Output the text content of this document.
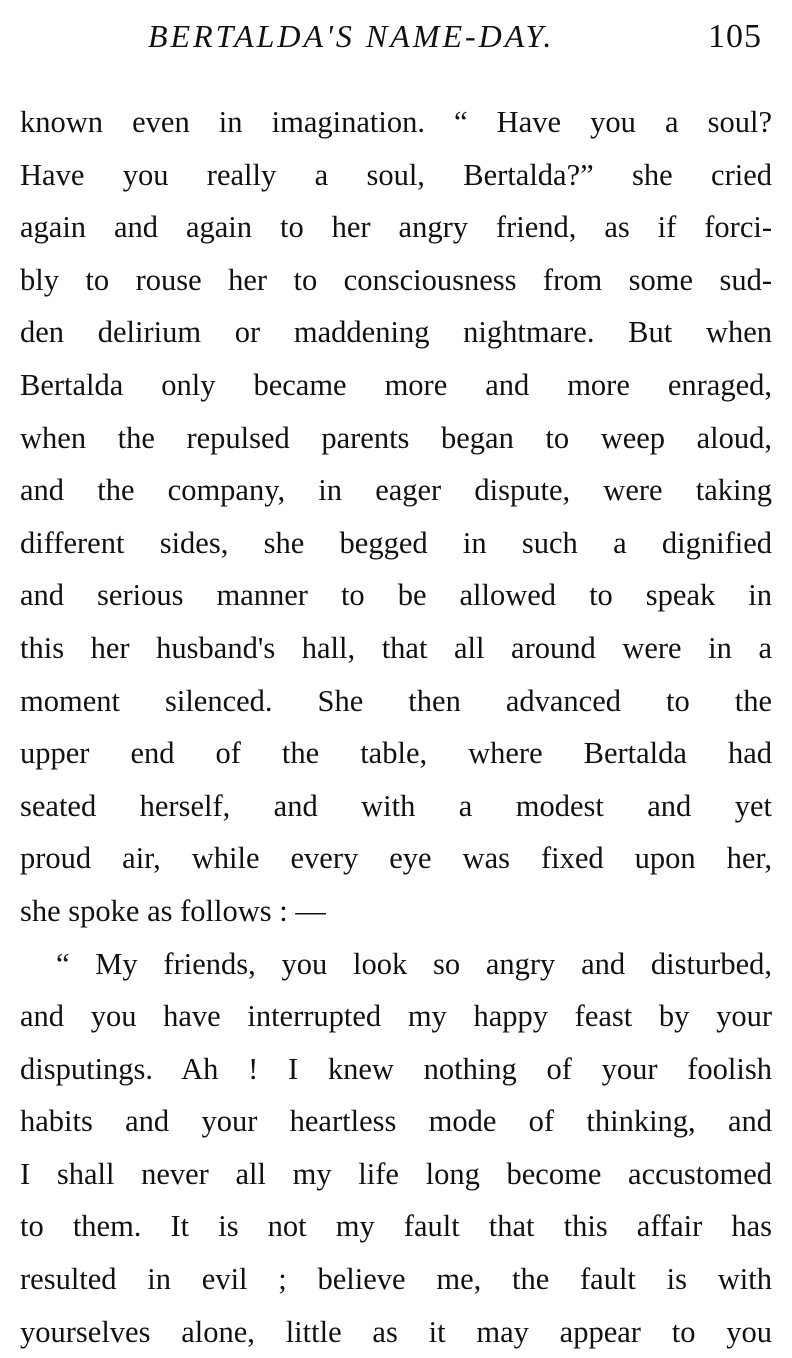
BERTALDA'S NAME-DAY.	105
known even in imagination. “ Have you a soul?
Have you really a soul, Bertalda?” she cried
again and again to her angry friend, as if forci-
bly to rouse her to consciousness from some sud-
den delirium or maddening nightmare. But when
Bertalda only became more and more enraged,
when the repulsed parents began to weep aloud,
and the company, in eager dispute, were taking
different sides, she begged in such a dignified
and serious manner to be allowed to speak in
this her husband's hall, that all around were in a
moment silenced. She then advanced to the
upper end of the table, where Bertalda had
seated herself, and with a modest and yet
proud air, while every eye was fixed upon her,
she spoke as follows : —
“ My friends, you look so angry and disturbed,
and you have interrupted my happy feast by your
disputings. Ah ! I knew nothing of your foolish
habits and your heartless mode of thinking, and
I shall never all my life long become accustomed
to them. It is not my fault that this affair has
resulted in evil ; believe me, the fault is with
yourselves alone, little as it may appear to you
